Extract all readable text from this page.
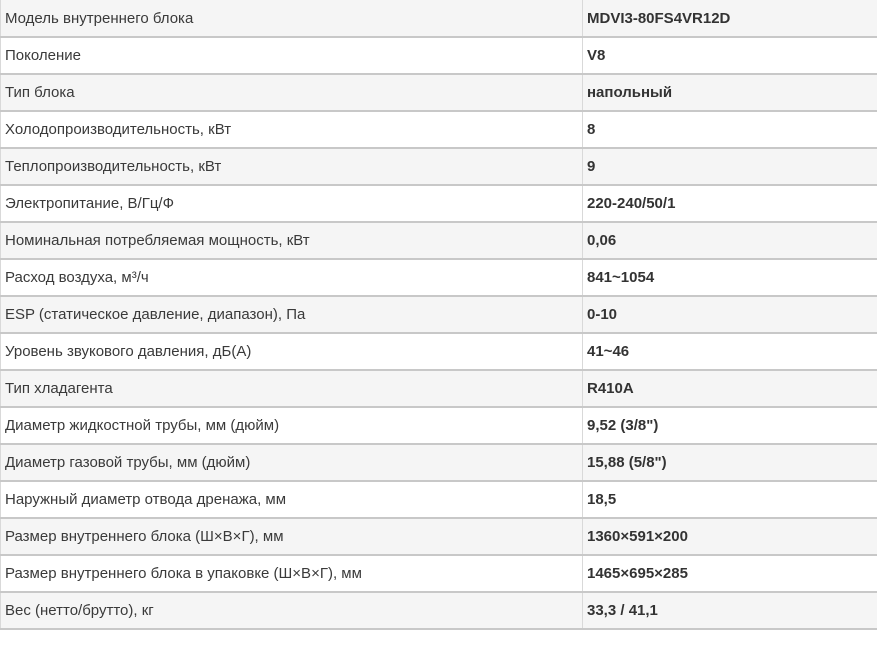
Модель внутреннего блока	MDVI3-80FS4VR12D
Поколение	V8
Тип блока	напольный
Холодопроизводительность, кВт	8
Теплопроизводительность, кВт	9
Электропитание, В/Гц/Ф	220-240/50/1
Номинальная потребляемая мощность, кВт	0,06
Расход воздуха, м³/ч	841~1054
ESP (статическое давление, диапазон), Па	0-10
Уровень звукового давления, дБ(А)	41~46
Тип хладагента	R410A
Диаметр жидкостной трубы, мм (дюйм)	9,52 (3/8")
Диаметр газовой трубы, мм (дюйм)	15,88 (5/8")
Наружный диаметр отвода дренажа, мм	18,5
Размер внутреннего блока (Ш×В×Г), мм	1360×591×200
Размер внутреннего блока в упаковке (Ш×В×Г), мм	1465×695×285
Вес (нетто/брутто), кг	33,3 / 41,1
